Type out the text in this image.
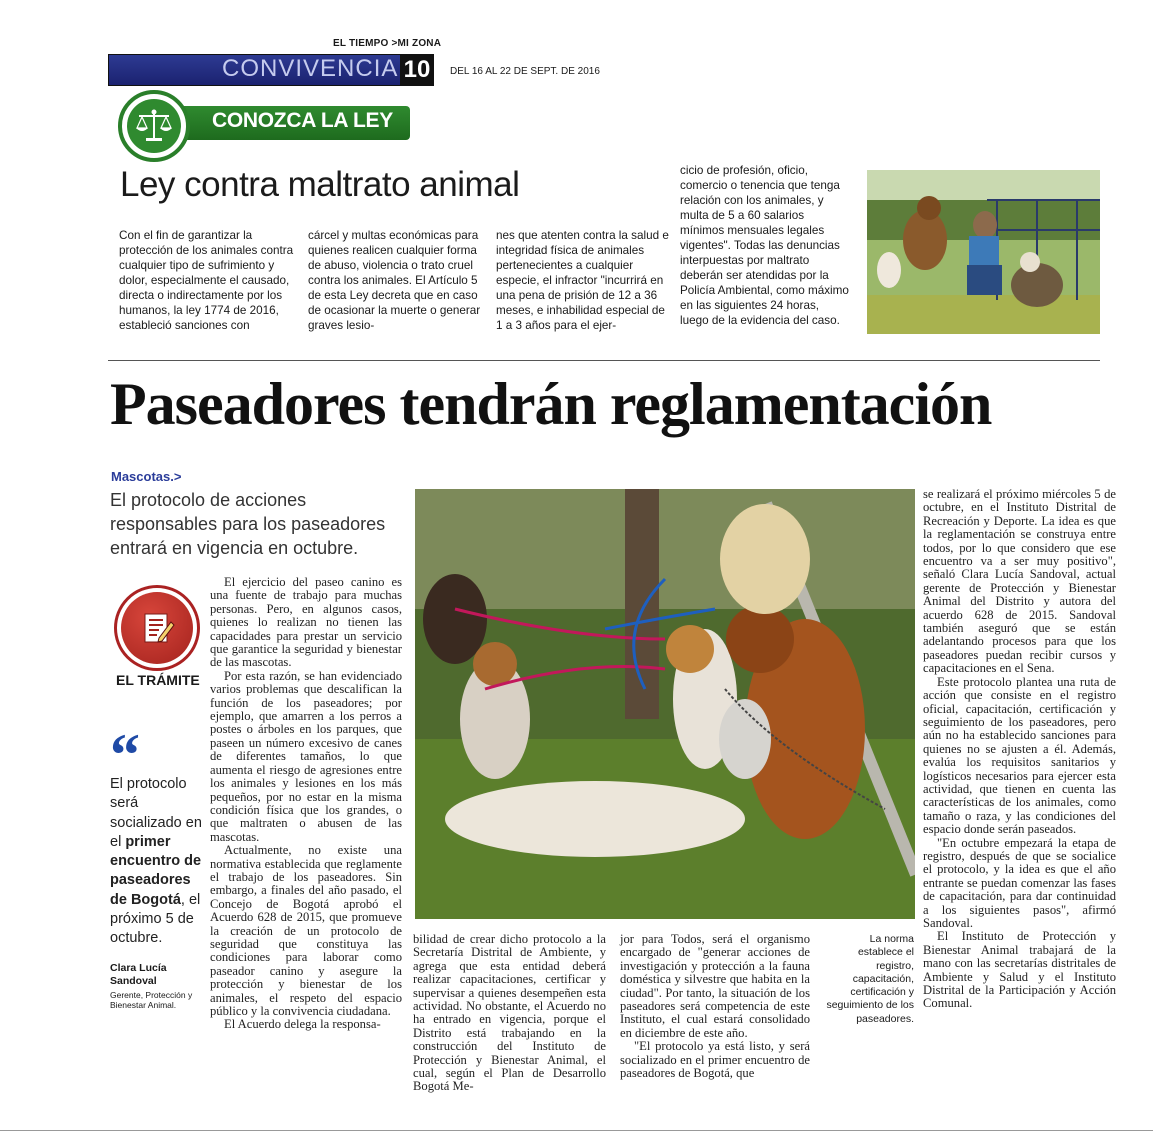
EL TIEMPO >MI ZONA
CONVIVENCIA 10	DEL 16 AL 22 DE SEPT. DE 2016
CONOZCA LA LEY
Ley contra maltrato animal
Con el fin de garantizar la protección de los animales contra cualquier tipo de sufrimiento y dolor, especialmente el causado, directa o indirectamente por los humanos, la ley 1774 de 2016, estableció sanciones con
cárcel y multas económicas para quienes realicen cualquier forma de abuso, violencia o trato cruel contra los animales. El Artículo 5 de esta Ley decreta que en caso de ocasionar la muerte o generar graves lesio-
nes que atenten contra la salud e integridad física de animales pertenecientes a cualquier especie, el infractor "incurrirá en una pena de prisión de 12 a 36 meses, e inhabilidad especial de 1 a 3 años para el ejer-
cicio de profesión, oficio, comercio o tenencia que tenga relación con los animales, y multa de 5 a 60 salarios mínimos mensuales legales vigentes". Todas las denuncias interpuestas por maltrato deberán ser atendidas por la Policía Ambiental, como máximo en las siguientes 24 horas, luego de la evidencia del caso.
Paseadores tendrán reglamentación
Mascotas.>
El protocolo de acciones responsables para los paseadores entrará en vigencia en octubre.
EL TRÁMITE
“
El protocolo será socializado en el primer encuentro de paseadores de Bogotá, el próximo 5 de octubre.
Clara Lucía Sandoval
Gerente, Protección y Bienestar Animal.

El ejercicio del paseo canino es una fuente de trabajo para muchas personas. Pero, en algunos casos, quienes lo realizan no tienen las capacidades para prestar un servicio que garantice la seguridad y bienestar de las mascotas.

Por esta razón, se han evidenciado varios problemas que descalifican la función de los paseadores; por ejemplo, que amarren a los perros a postes o árboles en los parques, que paseen un número excesivo de canes de diferentes tamaños, lo que aumenta el riesgo de agresiones entre los animales y lesiones en los más pequeños, por no estar en la misma condición física que los grandes, o que maltraten o abusen de las mascotas.

Actualmente, no existe una normativa establecida que reglamente el trabajo de los paseadores. Sin embargo, a finales del año pasado, el Concejo de Bogotá aprobó el Acuerdo 628 de 2015, que promueve la creación de un protocolo de seguridad que constituya las condiciones para laborar como paseador canino y asegure la protección y bienestar de los animales, el respeto del espacio público y la convivencia ciudadana.

El Acuerdo delega la responsa-

bilidad de crear dicho protocolo a la Secretaría Distrital de Ambiente, y agrega que esta entidad deberá realizar capacitaciones, certificar y supervisar a quienes desempeñen esta actividad. No obstante, el Acuerdo no ha entrado en vigencia, porque el Distrito está trabajando en la construcción del Instituto de Protección y Bienestar Animal, el cual, según el Plan de Desarrollo Bogotá Me-

jor para Todos, será el organismo encargado de "generar acciones de investigación y protección a la fauna doméstica y silvestre que habita en la ciudad". Por tanto, la situación de los paseadores será competencia de este Instituto, el cual estará consolidado en diciembre de este año.

"El protocolo ya está listo, y será socializado en el primer encuentro de paseadores de Bogotá, que

La norma establece el registro, capacitación, certificación y seguimiento de los paseadores.

se realizará el próximo miércoles 5 de octubre, en el Instituto Distrital de Recreación y Deporte. La idea es que la reglamentación se construya entre todos, por lo que considero que ese encuentro va a ser muy positivo", señaló Clara Lucía Sandoval, actual gerente de Protección y Bienestar Animal del Distrito y autora del acuerdo 628 de 2015. Sandoval también aseguró que se están adelantando procesos para que los paseadores puedan recibir cursos y capacitaciones en el Sena.

Este protocolo plantea una ruta de acción que consiste en el registro oficial, capacitación, certificación y seguimiento de los paseadores, pero aún no ha establecido sanciones para quienes no se ajusten a él. Además, evalúa los requisitos sanitarios y logísticos necesarios para ejercer esta actividad, que tienen en cuenta las características de los animales, como tamaño o raza, y las condiciones del espacio donde serán paseados.

"En octubre empezará la etapa de registro, después de que se socialice el protocolo, y la idea es que el año entrante se puedan comenzar las fases de capacitación, para dar continuidad a los siguientes pasos", afirmó Sandoval.

El Instituto de Protección y Bienestar Animal trabajará de la mano con las secretarías distritales de Ambiente y Salud y el Instituto Distrital de la Participación y Acción Comunal.
